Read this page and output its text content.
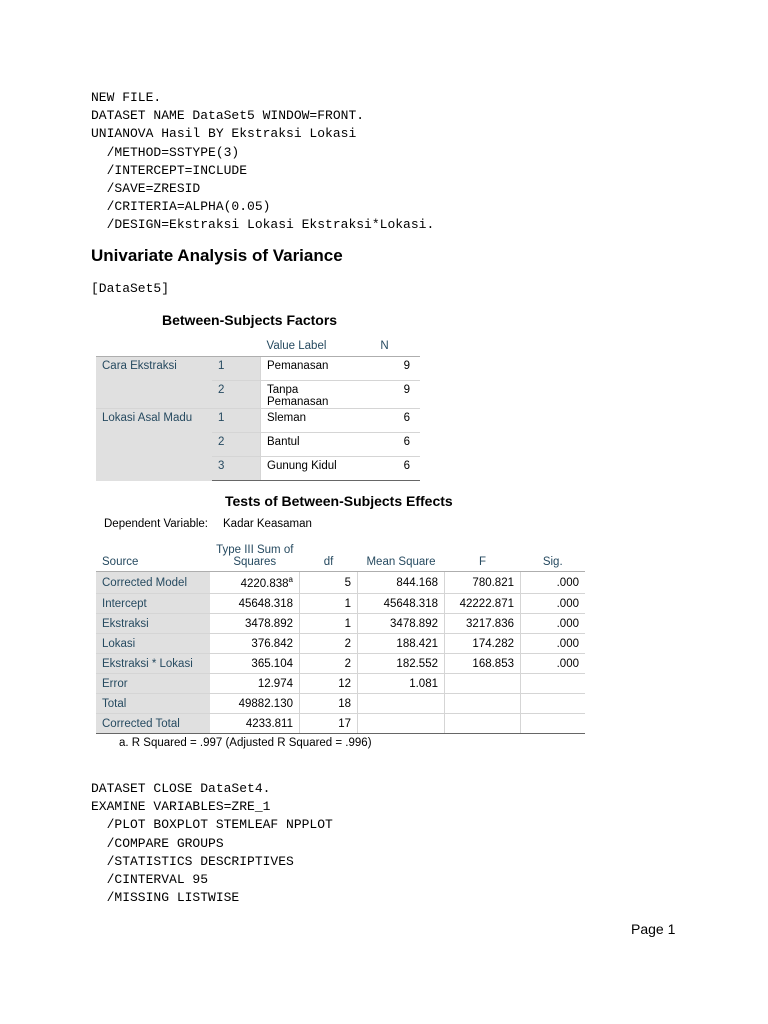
NEW FILE.
DATASET NAME DataSet5 WINDOW=FRONT.
UNIANOVA Hasil BY Ekstraksi Lokasi
/METHOD=SSTYPE(3)
/INTERCEPT=INCLUDE
/SAVE=ZRESID
/CRITERIA=ALPHA(0.05)
/DESIGN=Ekstraksi Lokasi Ekstraksi*Lokasi.
Univariate Analysis of Variance
[DataSet5]
Between-Subjects Factors
		Value Label	N
Cara Ekstraksi	1	Pemanasan	9
	2	Tanpa Pemanasan	9
Lokasi Asal Madu	1	Sleman	6
	2	Bantul	6
	3	Gunung Kidul	6
Tests of Between-Subjects Effects
Dependent Variable: Kadar Keasaman
Source	Type III Sum of Squares	df	Mean Square	F	Sig.
Corrected Model	4220.838$^a$	5	844.168	780.821	.000
Intercept	45648.318	1	45648.318	42222.871	.000
Ekstraksi	3478.892	1	3478.892	3217.836	.000
Lokasi	376.842	2	188.421	174.282	.000
Ekstraksi * Lokasi	365.104	2	182.552	168.853	.000
Error	12.974	12	1.081		
Total	49882.130	18			
Corrected Total	4233.811	17			
a. R Squared = .997 (Adjusted R Squared = .996)
DATASET CLOSE DataSet4.
EXAMINE VARIABLES=ZRE_1
/PLOT BOXPLOT STEMLEAF NPPLOT
/COMPARE GROUPS
/STATISTICS DESCRIPTIVES
/CINTERVAL 95
/MISSING LISTWISE
Page 1
